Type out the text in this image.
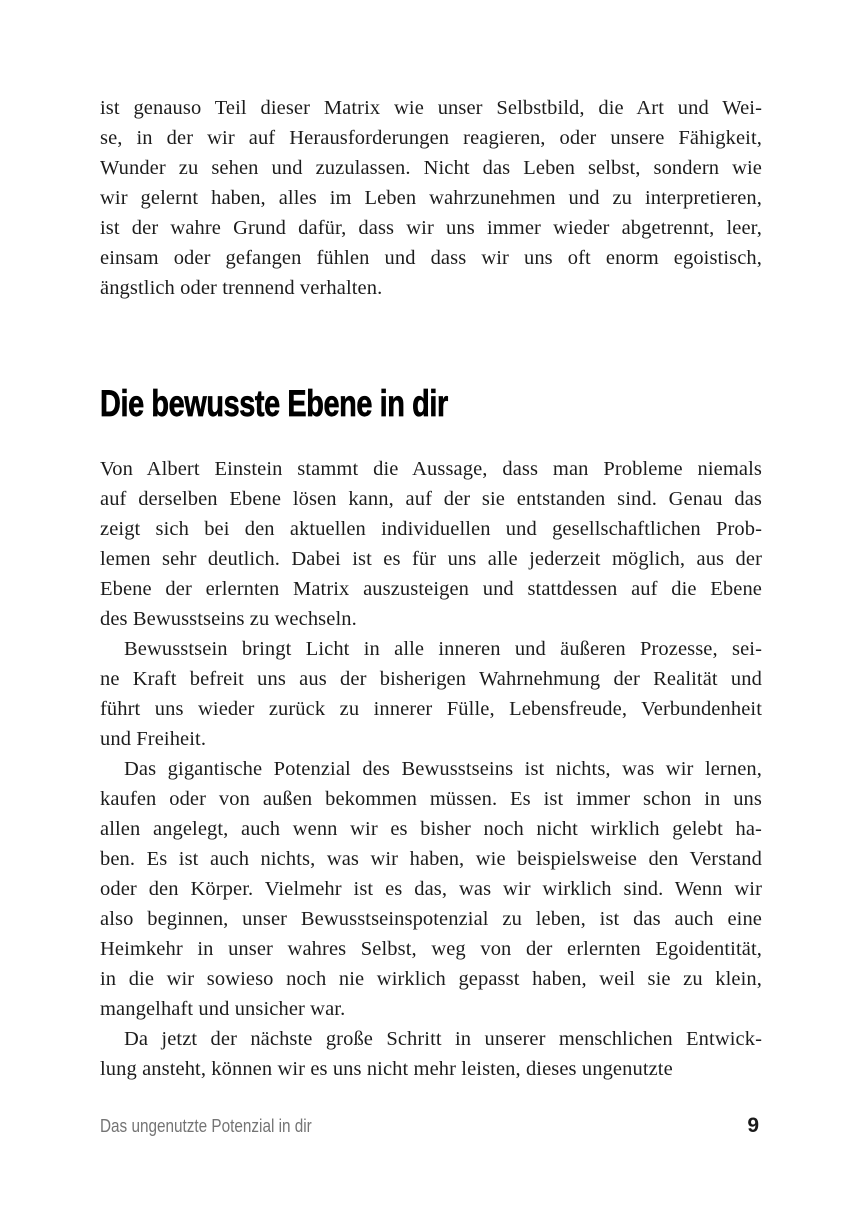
ist genauso Teil dieser Matrix wie unser Selbstbild, die Art und Wei-
se, in der wir auf Herausforderungen reagieren, oder unsere Fähigkeit,
Wunder zu sehen und zuzulassen. Nicht das Leben selbst, sondern wie
wir gelernt haben, alles im Leben wahrzunehmen und zu interpretieren,
ist der wahre Grund dafür, dass wir uns immer wieder abgetrennt, leer,
einsam oder gefangen fühlen und dass wir uns oft enorm egoistisch,
ängstlich oder trennend verhalten.
Die bewusste Ebene in dir
Von Albert Einstein stammt die Aussage, dass man Probleme niemals
auf derselben Ebene lösen kann, auf der sie entstanden sind. Genau das
zeigt sich bei den aktuellen individuellen und gesellschaftlichen Prob-
lemen sehr deutlich. Dabei ist es für uns alle jederzeit möglich, aus der
Ebene der erlernten Matrix auszusteigen und stattdessen auf die Ebene
des Bewusstseins zu wechseln.
Bewusstsein bringt Licht in alle inneren und äußeren Prozesse, sei-
ne Kraft befreit uns aus der bisherigen Wahrnehmung der Realität und
führt uns wieder zurück zu innerer Fülle, Lebensfreude, Verbundenheit
und Freiheit.
Das gigantische Potenzial des Bewusstseins ist nichts, was wir lernen,
kaufen oder von außen bekommen müssen. Es ist immer schon in uns
allen angelegt, auch wenn wir es bisher noch nicht wirklich gelebt ha-
ben. Es ist auch nichts, was wir haben, wie beispielsweise den Verstand
oder den Körper. Vielmehr ist es das, was wir wirklich sind. Wenn wir
also beginnen, unser Bewusstseinspotenzial zu leben, ist das auch eine
Heimkehr in unser wahres Selbst, weg von der erlernten Egoidentität,
in die wir sowieso noch nie wirklich gepasst haben, weil sie zu klein,
mangelhaft und unsicher war.
Da jetzt der nächste große Schritt in unserer menschlichen Entwick-
lung ansteht, können wir es uns nicht mehr leisten, dieses ungenutzte
Das ungenutzte Potenzial in dir	9
